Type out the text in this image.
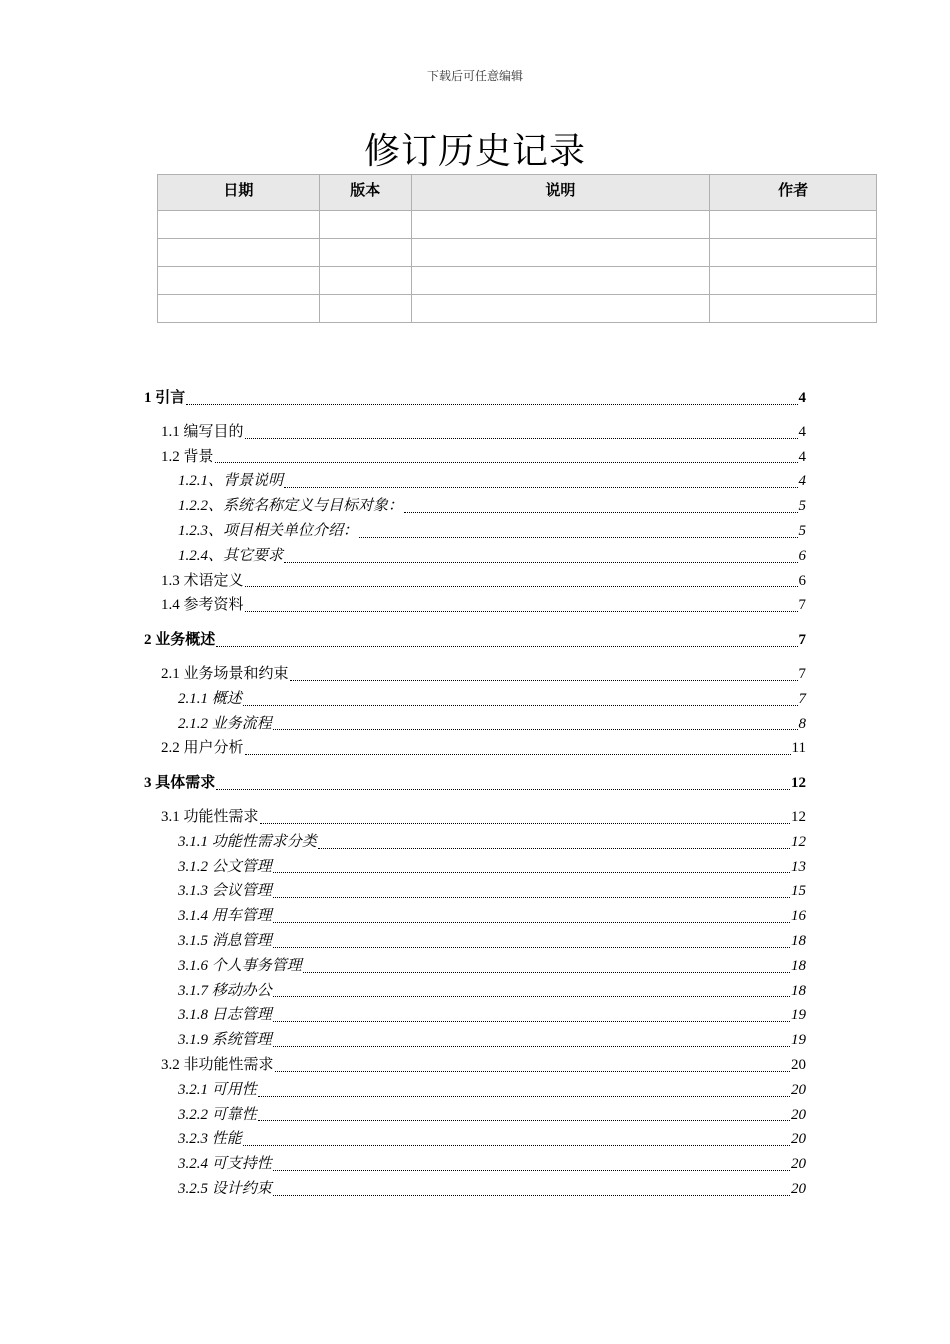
下载后可任意编辑
修订历史记录
日期	版本	说明	作者

1 引言	4
1.1 编写目的	4
1.2 背景	4
1.2.1、背景说明	4
1.2.2、系统名称定义与目标对象：	5
1.2.3、项目相关单位介绍：	5
1.2.4、其它要求	6
1.3 术语定义	6
1.4 参考资料	7
2 业务概述	7
2.1 业务场景和约束	7
2.1.1 概述	7
2.1.2 业务流程	8
2.2 用户分析	11
3 具体需求	12
3.1 功能性需求	12
3.1.1 功能性需求分类	12
3.1.2 公文管理	13
3.1.3 会议管理	15
3.1.4 用车管理	16
3.1.5 消息管理	18
3.1.6 个人事务管理	18
3.1.7 移动办公	18
3.1.8 日志管理	19
3.1.9 系统管理	19
3.2 非功能性需求	20
3.2.1 可用性	20
3.2.2 可靠性	20
3.2.3 性能	20
3.2.4 可支持性	20
3.2.5 设计约束	20
